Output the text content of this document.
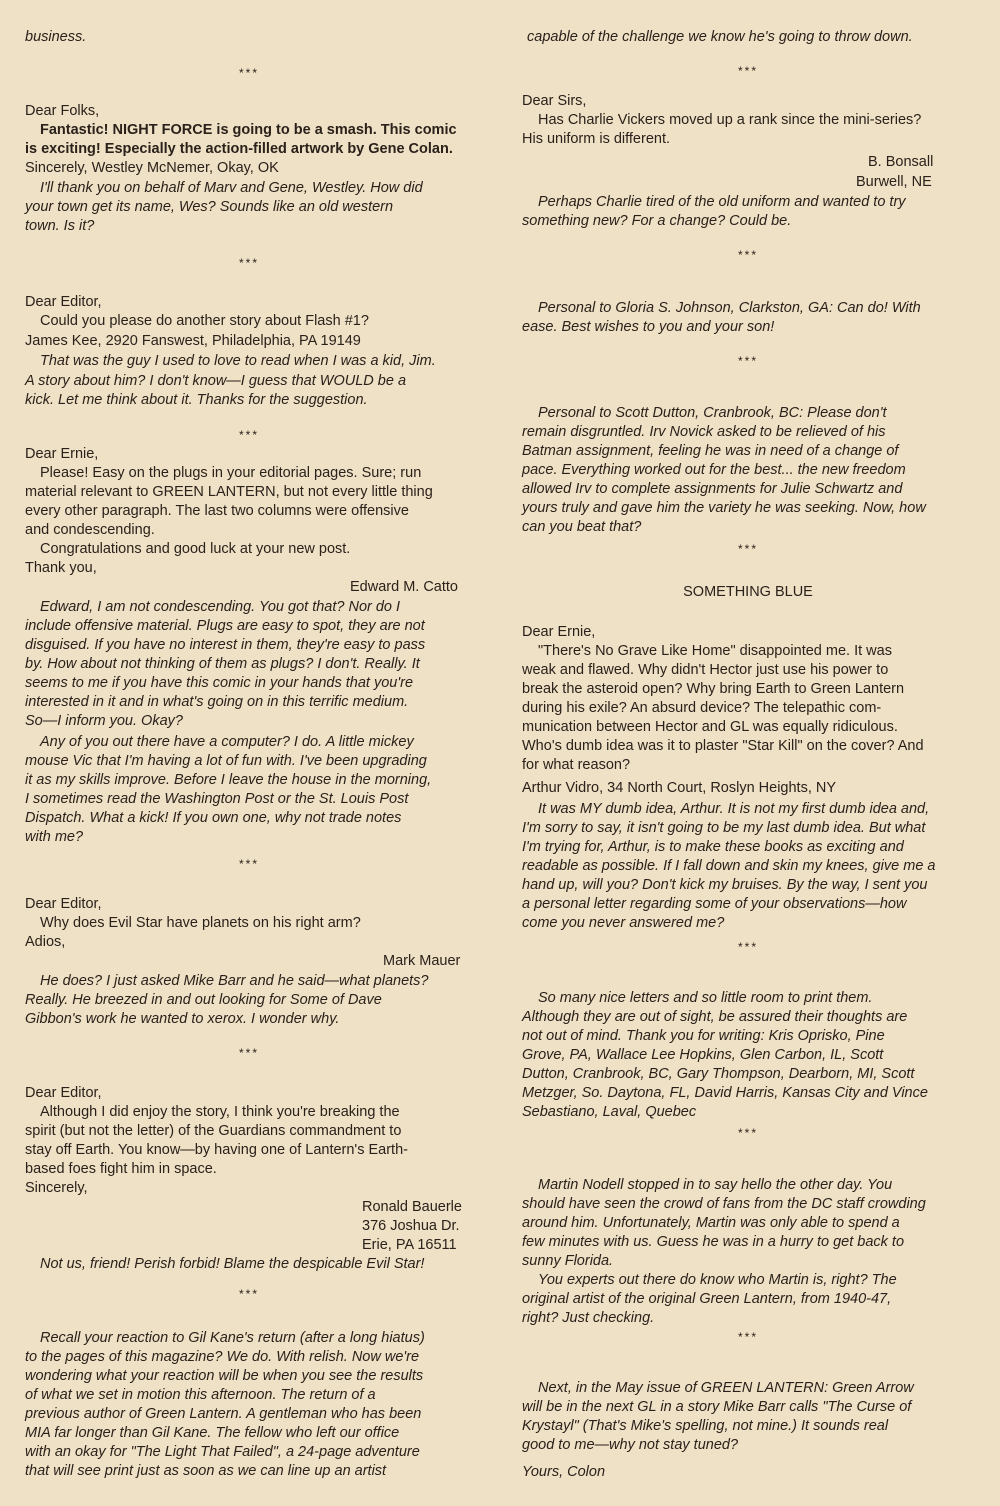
business.
***
Dear Folks,
Fantastic! NIGHT FORCE is going to be a smash. This comic
is exciting! Especially the action-filled artwork by Gene Colan.
Sincerely, Westley McNemer, Okay, OK
I'll thank you on behalf of Marv and Gene, Westley. How did
your town get its name, Wes? Sounds like an old western
town. Is it?
***
Dear Editor,
Could you please do another story about Flash #1?
James Kee, 2920 Fanswest, Philadelphia, PA 19149
That was the guy I used to love to read when I was a kid, Jim.
A story about him? I don't know—I guess that WOULD be a
kick. Let me think about it. Thanks for the suggestion.
***
Dear Ernie,
Please! Easy on the plugs in your editorial pages. Sure; run
material relevant to GREEN LANTERN, but not every little thing
every other paragraph. The last two columns were offensive
and condescending.
Congratulations and good luck at your new post.
Thank you,
Edward M. Catto
Edward, I am not condescending. You got that? Nor do I
include offensive material. Plugs are easy to spot, they are not
disguised. If you have no interest in them, they're easy to pass
by. How about not thinking of them as plugs? I don't. Really. It
seems to me if you have this comic in your hands that you're
interested in it and in what's going on in this terrific medium.
So—I inform you. Okay?
Any of you out there have a computer? I do. A little mickey
mouse Vic that I'm having a lot of fun with. I've been upgrading
it as my skills improve. Before I leave the house in the morning,
I sometimes read the Washington Post or the St. Louis Post
Dispatch. What a kick! If you own one, why not trade notes
with me?
***
Dear Editor,
Why does Evil Star have planets on his right arm?
Adios,
Mark Mauer
He does? I just asked Mike Barr and he said—what planets?
Really. He breezed in and out looking for Some of Dave
Gibbon's work he wanted to xerox. I wonder why.
***
Dear Editor,
Although I did enjoy the story, I think you're breaking the
spirit (but not the letter) of the Guardians commandment to
stay off Earth. You know—by having one of Lantern's Earth-
based foes fight him in space.
Sincerely,
Ronald Bauerle
376 Joshua Dr.
Erie, PA 16511
Not us, friend! Perish forbid! Blame the despicable Evil Star!
***
Recall your reaction to Gil Kane's return (after a long hiatus)
to the pages of this magazine? We do. With relish. Now we're
wondering what your reaction will be when you see the results
of what we set in motion this afternoon. The return of a
previous author of Green Lantern. A gentleman who has been
MIA far longer than Gil Kane. The fellow who left our office
with an okay for "The Light That Failed", a 24-page adventure
that will see print just as soon as we can line up an artist
capable of the challenge we know he's going to throw down.
***
Dear Sirs,
Has Charlie Vickers moved up a rank since the mini-series?
His uniform is different.
B. Bonsall
Burwell, NE
Perhaps Charlie tired of the old uniform and wanted to try
something new? For a change? Could be.
***
Personal to Gloria S. Johnson, Clarkston, GA: Can do! With
ease. Best wishes to you and your son!
***
Personal to Scott Dutton, Cranbrook, BC: Please don't
remain disgruntled. Irv Novick asked to be relieved of his
Batman assignment, feeling he was in need of a change of
pace. Everything worked out for the best... the new freedom
allowed Irv to complete assignments for Julie Schwartz and
yours truly and gave him the variety he was seeking. Now, how
can you beat that?
***
SOMETHING BLUE
Dear Ernie,
"There's No Grave Like Home" disappointed me. It was
weak and flawed. Why didn't Hector just use his power to
break the asteroid open? Why bring Earth to Green Lantern
during his exile? An absurd device? The telepathic com-
munication between Hector and GL was equally ridiculous.
Who's dumb idea was it to plaster "Star Kill" on the cover? And
for what reason?
Arthur Vidro, 34 North Court, Roslyn Heights, NY
It was MY dumb idea, Arthur. It is not my first dumb idea and,
I'm sorry to say, it isn't going to be my last dumb idea. But what
I'm trying for, Arthur, is to make these books as exciting and
readable as possible. If I fall down and skin my knees, give me a
hand up, will you? Don't kick my bruises. By the way, I sent you
a personal letter regarding some of your observations—how
come you never answered me?
***
So many nice letters and so little room to print them.
Although they are out of sight, be assured their thoughts are
not out of mind. Thank you for writing: Kris Oprisko, Pine
Grove, PA, Wallace Lee Hopkins, Glen Carbon, IL, Scott
Dutton, Cranbrook, BC, Gary Thompson, Dearborn, MI, Scott
Metzger, So. Daytona, FL, David Harris, Kansas City and Vince
Sebastiano, Laval, Quebec
***
Martin Nodell stopped in to say hello the other day. You
should have seen the crowd of fans from the DC staff crowding
around him. Unfortunately, Martin was only able to spend a
few minutes with us. Guess he was in a hurry to get back to
sunny Florida.
You experts out there do know who Martin is, right? The
original artist of the original Green Lantern, from 1940-47,
right? Just checking.
***
Next, in the May issue of GREEN LANTERN: Green Arrow
will be in the next GL in a story Mike Barr calls "The Curse of
Krystayl" (That's Mike's spelling, not mine.) It sounds real
good to me—why not stay tuned?
Yours, Colon
